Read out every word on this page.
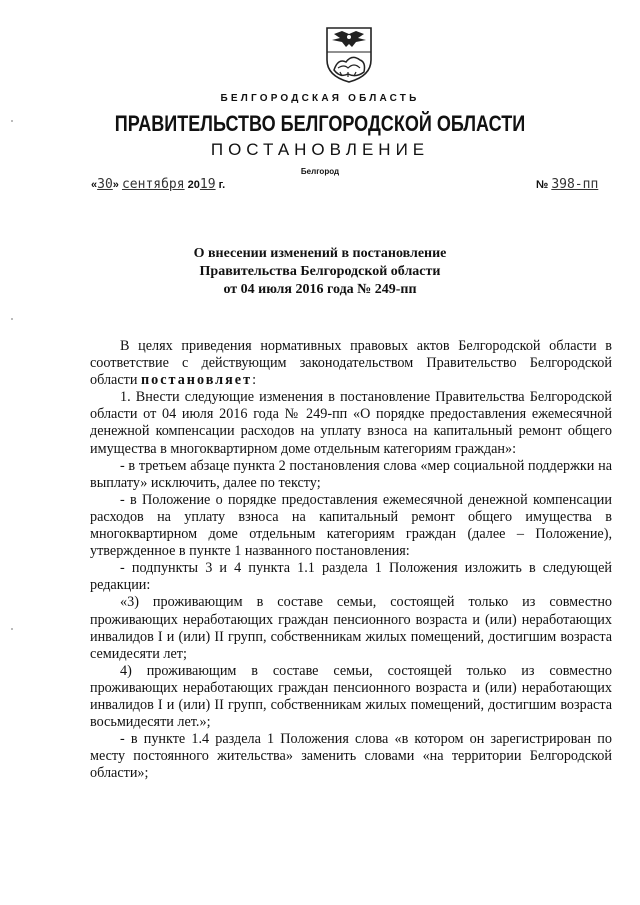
БЕЛГОРОДСКАЯ ОБЛАСТЬ
ПРАВИТЕЛЬСТВО БЕЛГОРОДСКОЙ ОБЛАСТИ
ПОСТАНОВЛЕНИЕ
Белгород
«30» сентября 2019 г.	№ 398-пп
О внесении изменений в постановление
Правительства Белгородской области
от 04 июля 2016 года № 249-пп

В целях приведения нормативных правовых актов Белгородской области в соответствие с действующим законодательством Правительство Белгородской области постановляет:

1. Внести следующие изменения в постановление Правительства Белгородской области от 04 июля 2016 года № 249-пп «О порядке предоставления ежемесячной денежной компенсации расходов на уплату взноса на капитальный ремонт общего имущества в многоквартирном доме отдельным категориям граждан»:

- в третьем абзаце пункта 2 постановления слова «мер социальной поддержки на выплату» исключить, далее по тексту;

- в Положение о порядке предоставления ежемесячной денежной компенсации расходов на уплату взноса на капитальный ремонт общего имущества в многоквартирном доме отдельным категориям граждан (далее – Положение), утвержденное в пункте 1 названного постановления:

- подпункты 3 и 4 пункта 1.1 раздела 1 Положения изложить в следующей редакции:

«3) проживающим в составе семьи, состоящей только из совместно проживающих неработающих граждан пенсионного возраста и (или) неработающих инвалидов I и (или) II групп, собственникам жилых помещений, достигшим возраста семидесяти лет;

4) проживающим в составе семьи, состоящей только из совместно проживающих неработающих граждан пенсионного возраста и (или) неработающих инвалидов I и (или) II групп, собственникам жилых помещений, достигшим возраста восьмидесяти лет.»;

- в пункте 1.4 раздела 1 Положения слова «в котором он зарегистрирован по месту постоянного жительства» заменить словами «на территории Белгородской области»;
